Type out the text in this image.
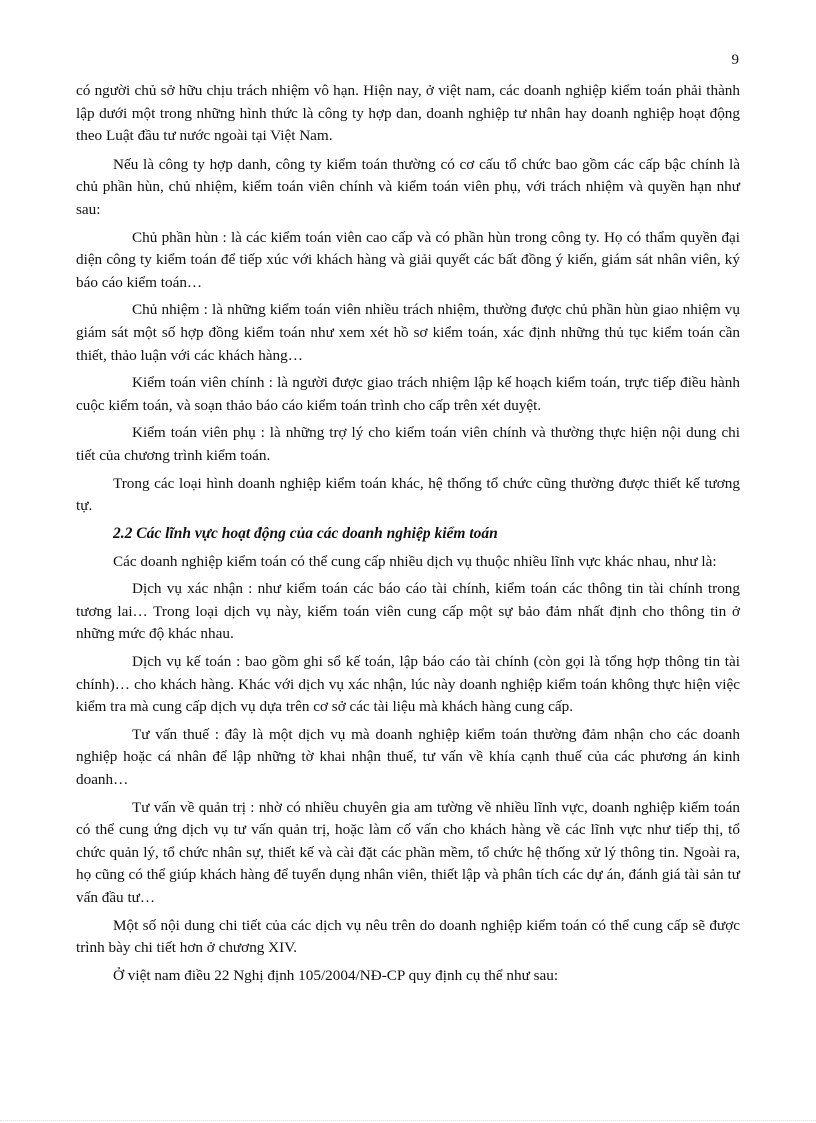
9

có người chủ sở hữu chịu trách nhiệm vô hạn. Hiện nay, ở việt nam, các doanh nghiệp kiểm toán phải thành lập dưới một trong những hình thức là công ty hợp dan, doanh nghiệp tư nhân hay doanh nghiệp hoạt động theo Luật đầu tư nước ngoài tại Việt Nam.

Nếu là công ty hợp danh, công ty kiểm toán thường có cơ cấu tổ chức bao gồm các cấp bậc chính là chủ phần hùn, chủ nhiệm, kiểm toán viên chính và kiểm toán viên phụ, với trách nhiệm và quyền hạn như sau:

Chủ phần hùn : là các kiểm toán viên cao cấp và có phần hùn trong công ty. Họ có thẩm quyền đại diện công ty kiểm toán để tiếp xúc với khách hàng và giải quyết các bất đồng ý kiến, giám sát nhân viên, ký báo cáo kiểm toán…

Chủ nhiệm : là những kiểm toán viên nhiều trách nhiệm, thường được chủ phần hùn giao nhiệm vụ giám sát một số hợp đồng kiểm toán như xem xét hồ sơ kiểm toán, xác định những thủ tục kiểm toán cần thiết, thảo luận với các khách hàng…

Kiểm toán viên chính : là người được giao trách nhiệm lập kế hoạch kiểm toán, trực tiếp điều hành cuộc kiểm toán, và soạn thảo báo cáo kiểm toán trình cho cấp trên xét duyệt.

Kiểm toán viên phụ : là những trợ lý cho kiểm toán viên chính và thường thực hiện nội dung chi tiết của chương trình kiểm toán.

Trong các loại hình doanh nghiệp kiểm toán khác, hệ thống tổ chức cũng thường được thiết kế tương tự.

2.2 Các lĩnh vực hoạt động của các doanh nghiệp kiểm toán

Các doanh nghiệp kiểm toán có thể cung cấp nhiều dịch vụ thuộc nhiều lĩnh vực khác nhau, như là:

Dịch vụ xác nhận : như kiểm toán các báo cáo tài chính, kiểm toán các thông tin tài chính trong tương lai… Trong loại dịch vụ này, kiểm toán viên cung cấp một sự bảo đảm nhất định cho thông tin ở những mức độ khác nhau.

Dịch vụ kế toán : bao gồm ghi sổ kế toán, lập báo cáo tài chính (còn gọi là tổng hợp thông tin tài chính)… cho khách hàng. Khác với dịch vụ xác nhận, lúc này doanh nghiệp kiểm toán không thực hiện việc kiểm tra mà cung cấp dịch vụ dựa trên cơ sở các tài liệu mà khách hàng cung cấp.

Tư vấn thuế : đây là một dịch vụ mà doanh nghiệp kiểm toán thường đảm nhận cho các doanh nghiệp hoặc cá nhân để lập những tờ khai nhận thuế, tư vấn về khía cạnh thuế của các phương án kinh doanh…

Tư vấn về quản trị : nhờ có nhiều chuyên gia am tường về nhiều lĩnh vực, doanh nghiệp kiểm toán có thể cung ứng dịch vụ tư vấn quản trị, hoặc làm cố vấn cho khách hàng về các lĩnh vực như tiếp thị, tổ chức quản lý, tổ chức nhân sự, thiết kế và cài đặt các phần mềm, tổ chức hệ thống xử lý thông tin. Ngoài ra, họ cũng có thể giúp khách hàng để tuyển dụng nhân viên, thiết lập và phân tích các dự án, đánh giá tài sản tư vấn đầu tư…

Một số nội dung chi tiết của các dịch vụ nêu trên do doanh nghiệp kiểm toán có thể cung cấp sẽ được trình bày chi tiết hơn ở chương XIV.

Ở việt nam điều 22 Nghị định 105/2004/NĐ-CP quy định cụ thể như sau:
